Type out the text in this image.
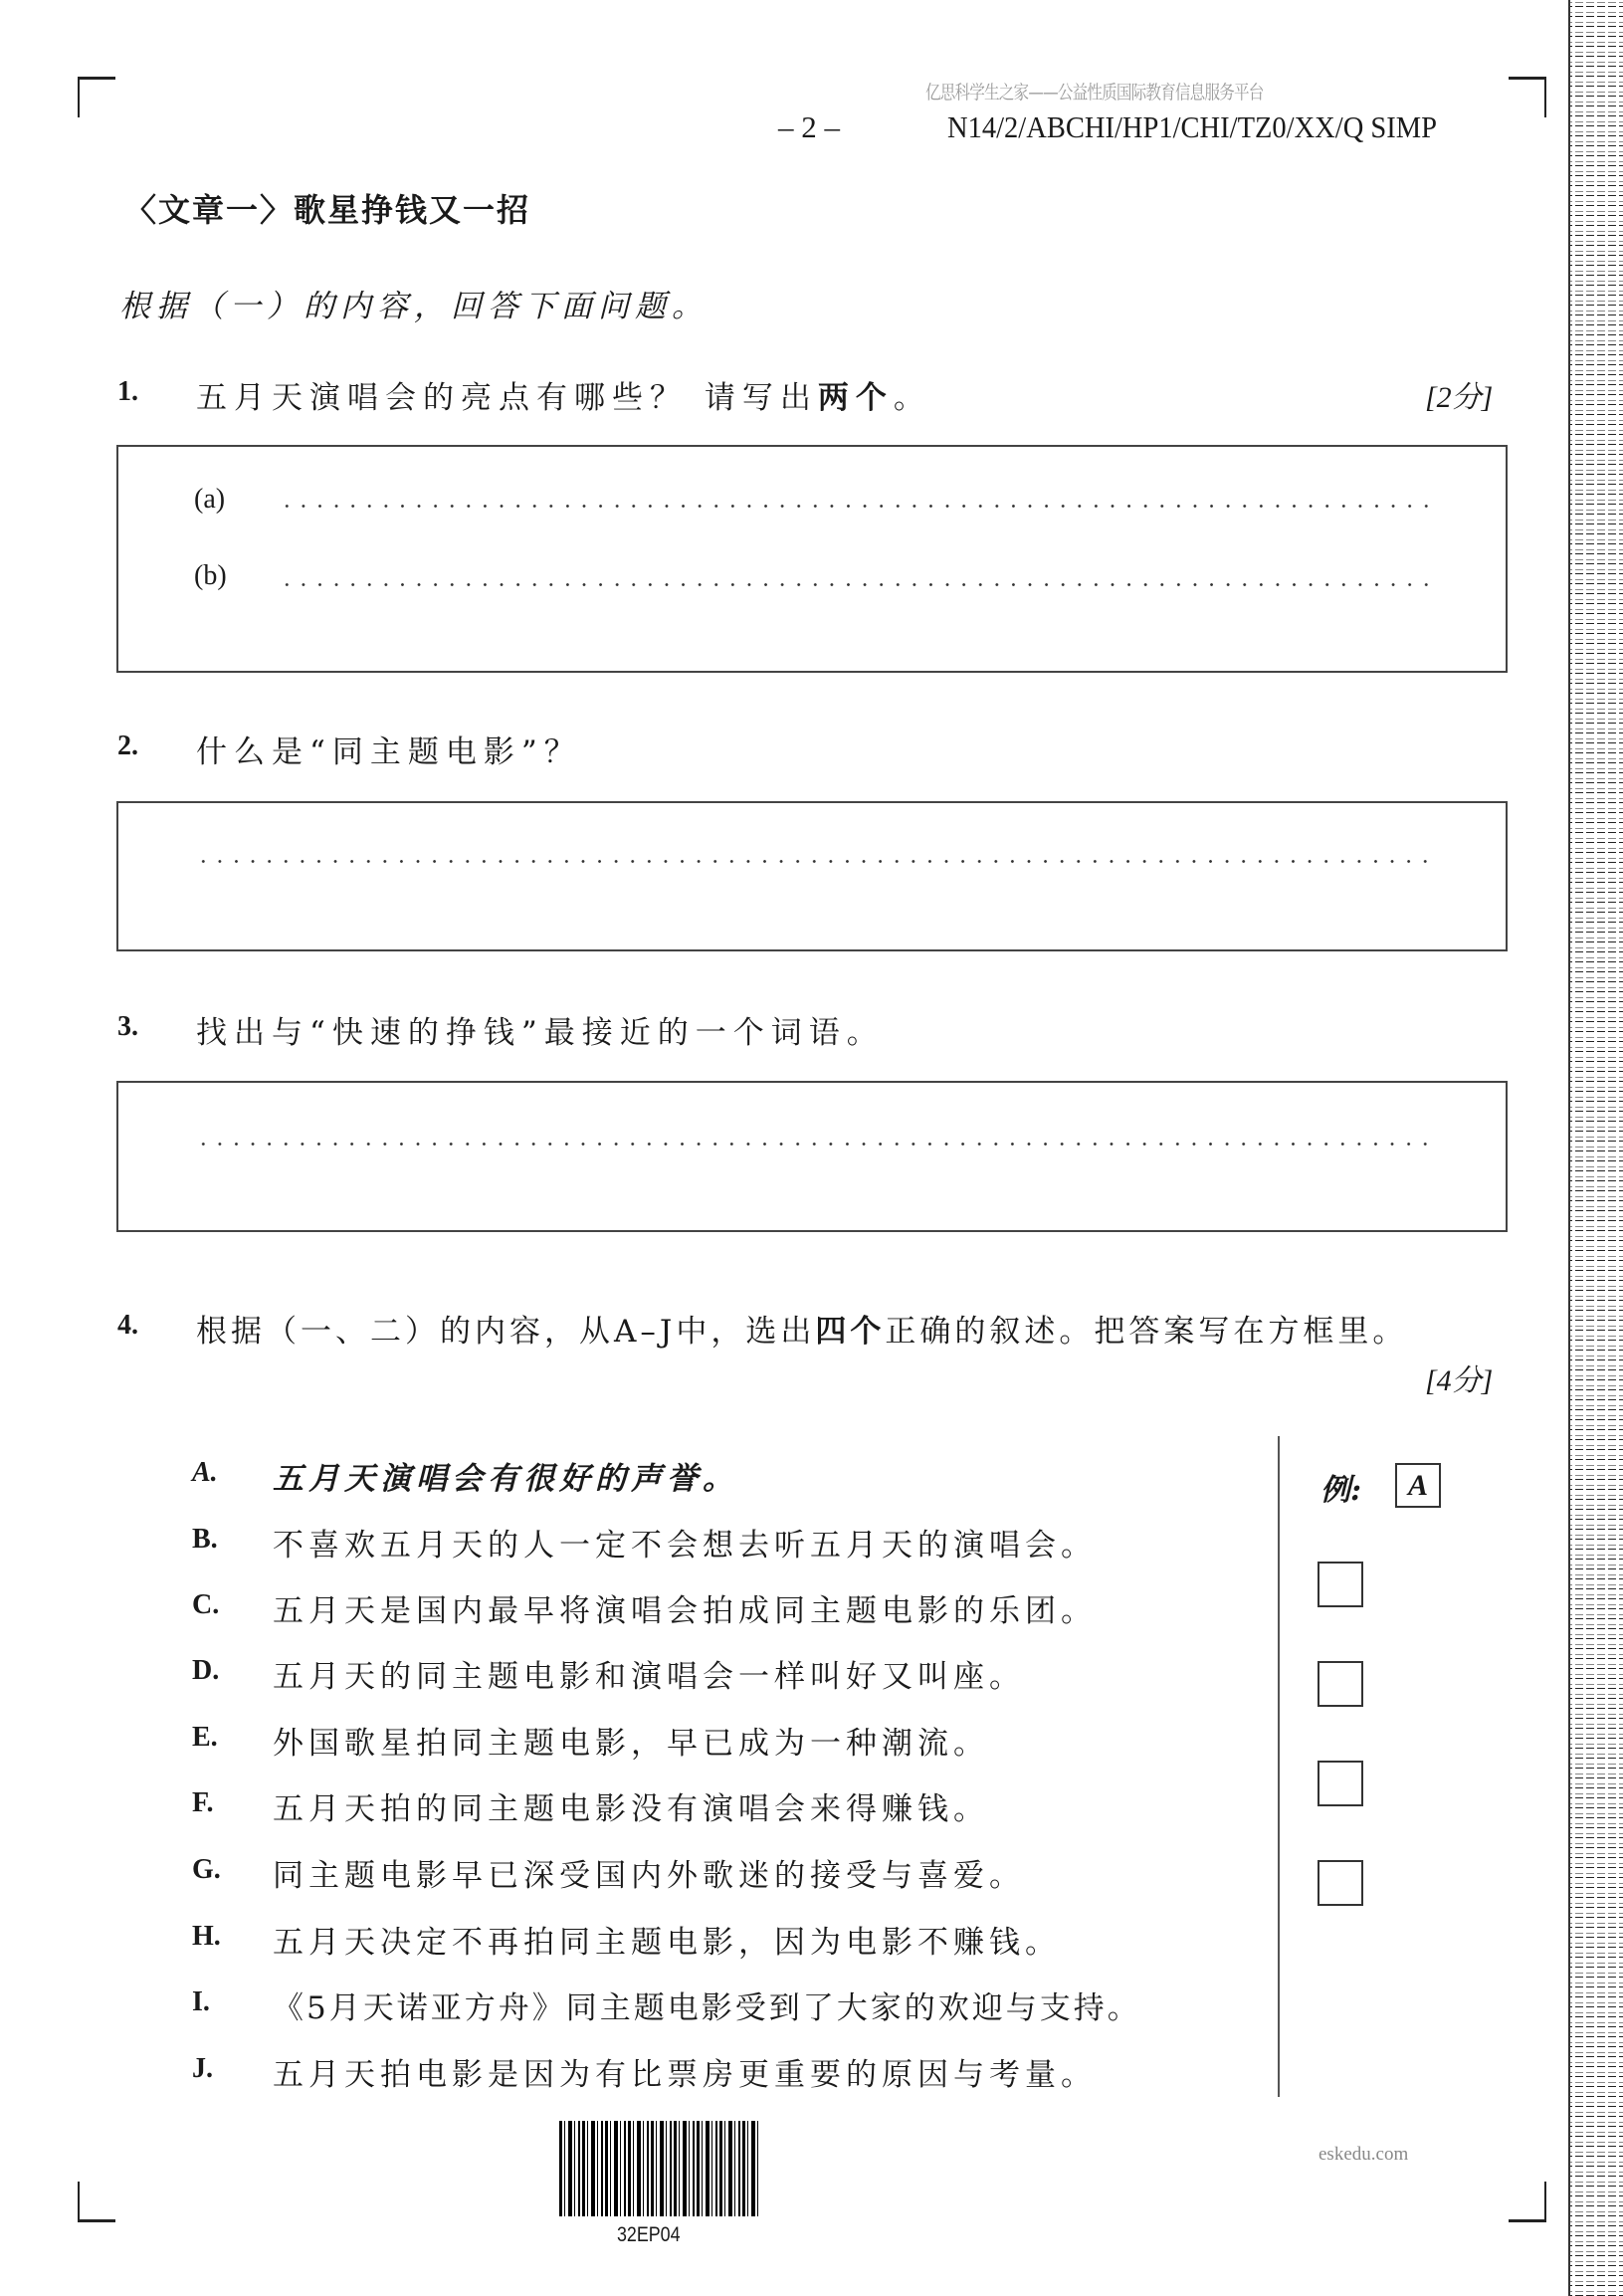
亿思科学生之家——公益性质国际教育信息服务平台
– 2 –	N14/2/ABCHI/HP1/CHI/TZ0/XX/Q SIMP
〈文章一〉歌星挣钱又一招
根据（一）的内容，回答下面问题。
1. 五月天演唱会的亮点有哪些？ 请写出两个。	[2分]
(a)
(b)
2. 什么是“同主题电影”？
3. 找出与“快速的挣钱”最接近的一个词语。
4. 根据（一、二）的内容，从A–J中，选出四个正确的叙述。把答案写在方框里。
[4分]
A. 五月天演唱会有很好的声誉。
B. 不喜欢五月天的人一定不会想去听五月天的演唱会。
C. 五月天是国内最早将演唱会拍成同主题电影的乐团。
D. 五月天的同主题电影和演唱会一样叫好又叫座。
E. 外国歌星拍同主题电影，早已成为一种潮流。
F. 五月天拍的同主题电影没有演唱会来得赚钱。
G. 同主题电影早已深受国内外歌迷的接受与喜爱。
H. 五月天决定不再拍同主题电影，因为电影不赚钱。
I. 《5月天诺亚方舟》同主题电影受到了大家的欢迎与支持。
J. 五月天拍电影是因为有比票房更重要的原因与考量。
例: A
32EP04
eskedu.com
